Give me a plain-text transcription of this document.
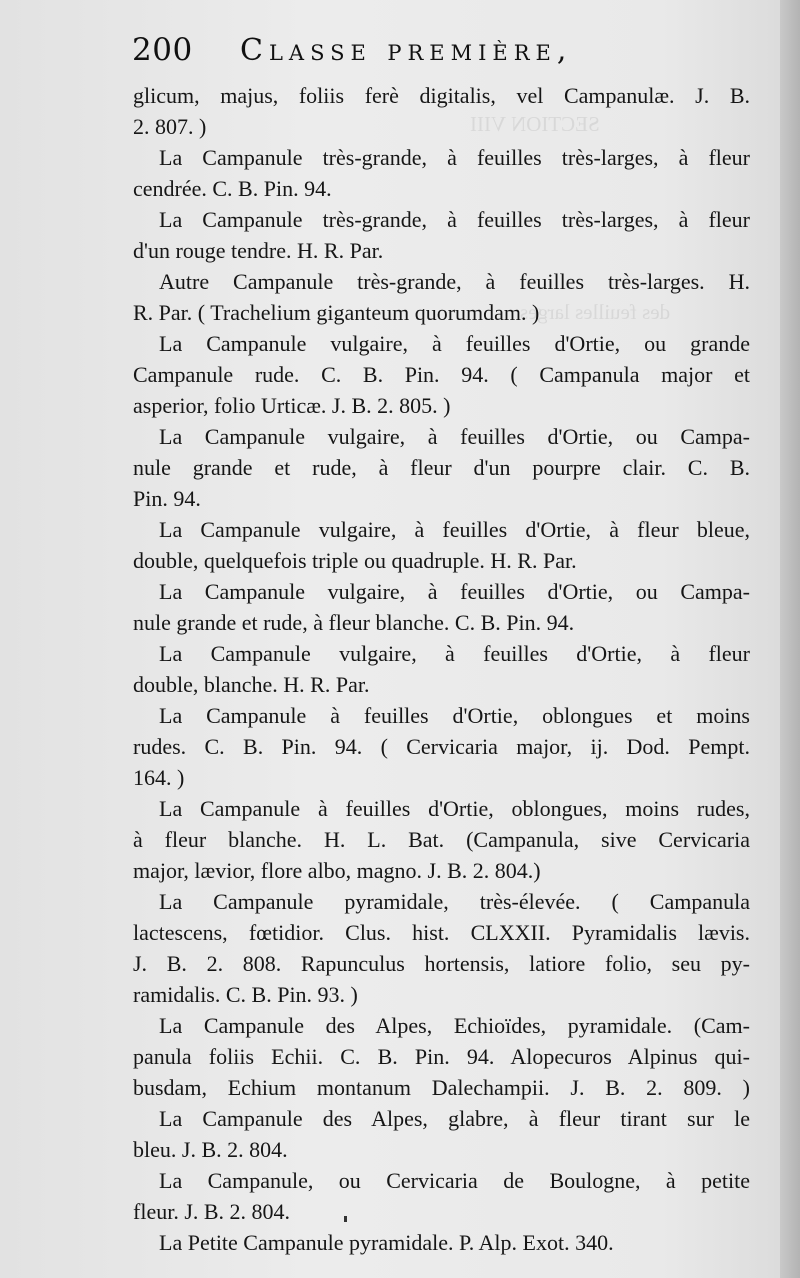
SECTION VIII
des feuilles larges
200 Classe première,
glicum, majus, foliis ferè digitalis, vel Campanulæ. J. B.
2. 807. )
La Campanule très-grande, à feuilles très-larges, à fleur
cendrée. C. B. Pin. 94.
La Campanule très-grande, à feuilles très-larges, à fleur
d'un rouge tendre. H. R. Par.
Autre Campanule très-grande, à feuilles très-larges. H.
R. Par. ( Trachelium giganteum quorumdam. )
La Campanule vulgaire, à feuilles d'Ortie, ou grande
Campanule rude. C. B. Pin. 94. ( Campanula major et
asperior, folio Urticæ. J. B. 2. 805. )
La Campanule vulgaire, à feuilles d'Ortie, ou Campa-
nule grande et rude, à fleur d'un pourpre clair. C. B.
Pin. 94.
La Campanule vulgaire, à feuilles d'Ortie, à fleur bleue,
double, quelquefois triple ou quadruple. H. R. Par.
La Campanule vulgaire, à feuilles d'Ortie, ou Campa-
nule grande et rude, à fleur blanche. C. B. Pin. 94.
La Campanule vulgaire, à feuilles d'Ortie, à fleur
double, blanche. H. R. Par.
La Campanule à feuilles d'Ortie, oblongues et moins
rudes. C. B. Pin. 94. ( Cervicaria major, ij. Dod. Pempt.
164. )
La Campanule à feuilles d'Ortie, oblongues, moins rudes,
à fleur blanche. H. L. Bat. (Campanula, sive Cervicaria
major, lævior, flore albo, magno. J. B. 2. 804.)
La Campanule pyramidale, très-élevée. ( Campanula
lactescens, fœtidior. Clus. hist. CLXXII. Pyramidalis lævis.
J. B. 2. 808. Rapunculus hortensis, latiore folio, seu py-
ramidalis. C. B. Pin. 93. )
La Campanule des Alpes, Echioïdes, pyramidale. (Cam-
panula foliis Echii. C. B. Pin. 94. Alopecuros Alpinus qui-
busdam, Echium montanum Dalechampii. J. B. 2. 809. )
La Campanule des Alpes, glabre, à fleur tirant sur le
bleu. J. B. 2. 804.
La Campanule, ou Cervicaria de Boulogne, à petite
fleur. J. B. 2. 804.
La Petite Campanule pyramidale. P. Alp. Exot. 340.
